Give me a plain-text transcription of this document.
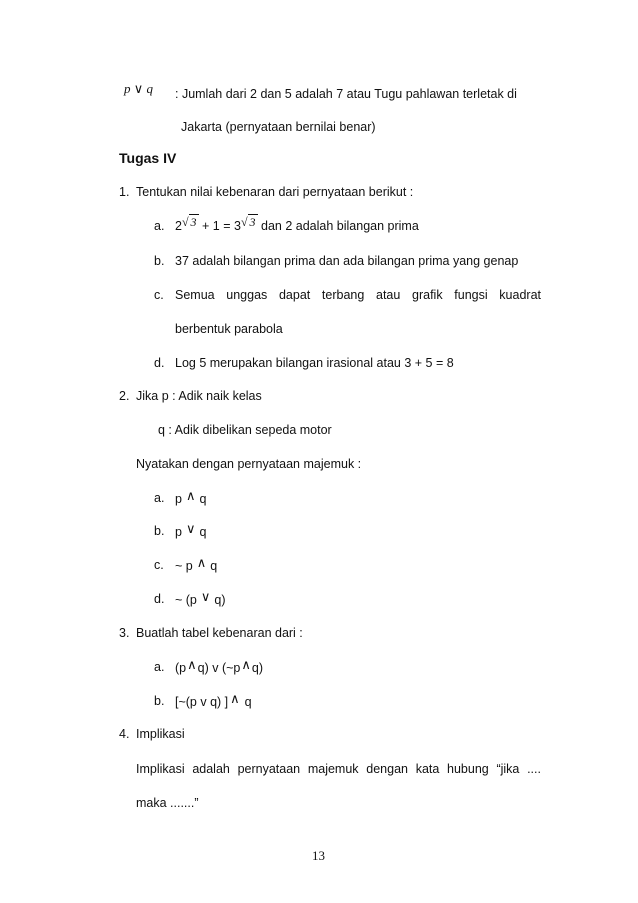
p ∨ q : Jumlah dari 2 dan 5 adalah 7 atau Tugu pahlawan terletak di
Jakarta (pernyataan bernilai benar)
Tugas IV
1. Tentukan nilai kebenaran dari pernyataan berikut :
a. 2√ 3 + 1 = 3√ 3 dan 2 adalah bilangan prima
b. 37 adalah bilangan prima dan ada bilangan prima yang genap
c. Semua unggas dapat terbang atau grafik fungsi kuadrat
berbentuk parabola
d. Log 5 merupakan bilangan irasional atau 3 + 5 = 8
2. Jika p : Adik naik kelas
q : Adik dibelikan sepeda motor
Nyatakan dengan pernyataan majemuk :
a. p ∧ q
b. p ∨ q
c. ~ p ∧ q
d. ~ (p ∨ q)
3. Buatlah tabel kebenaran dari :
a. (p∧q) v (~p∧q)
b. [~(p v q) ] ∧ q
4. Implikasi
Implikasi adalah pernyataan majemuk dengan kata hubung “jika ....
maka .......”
13
